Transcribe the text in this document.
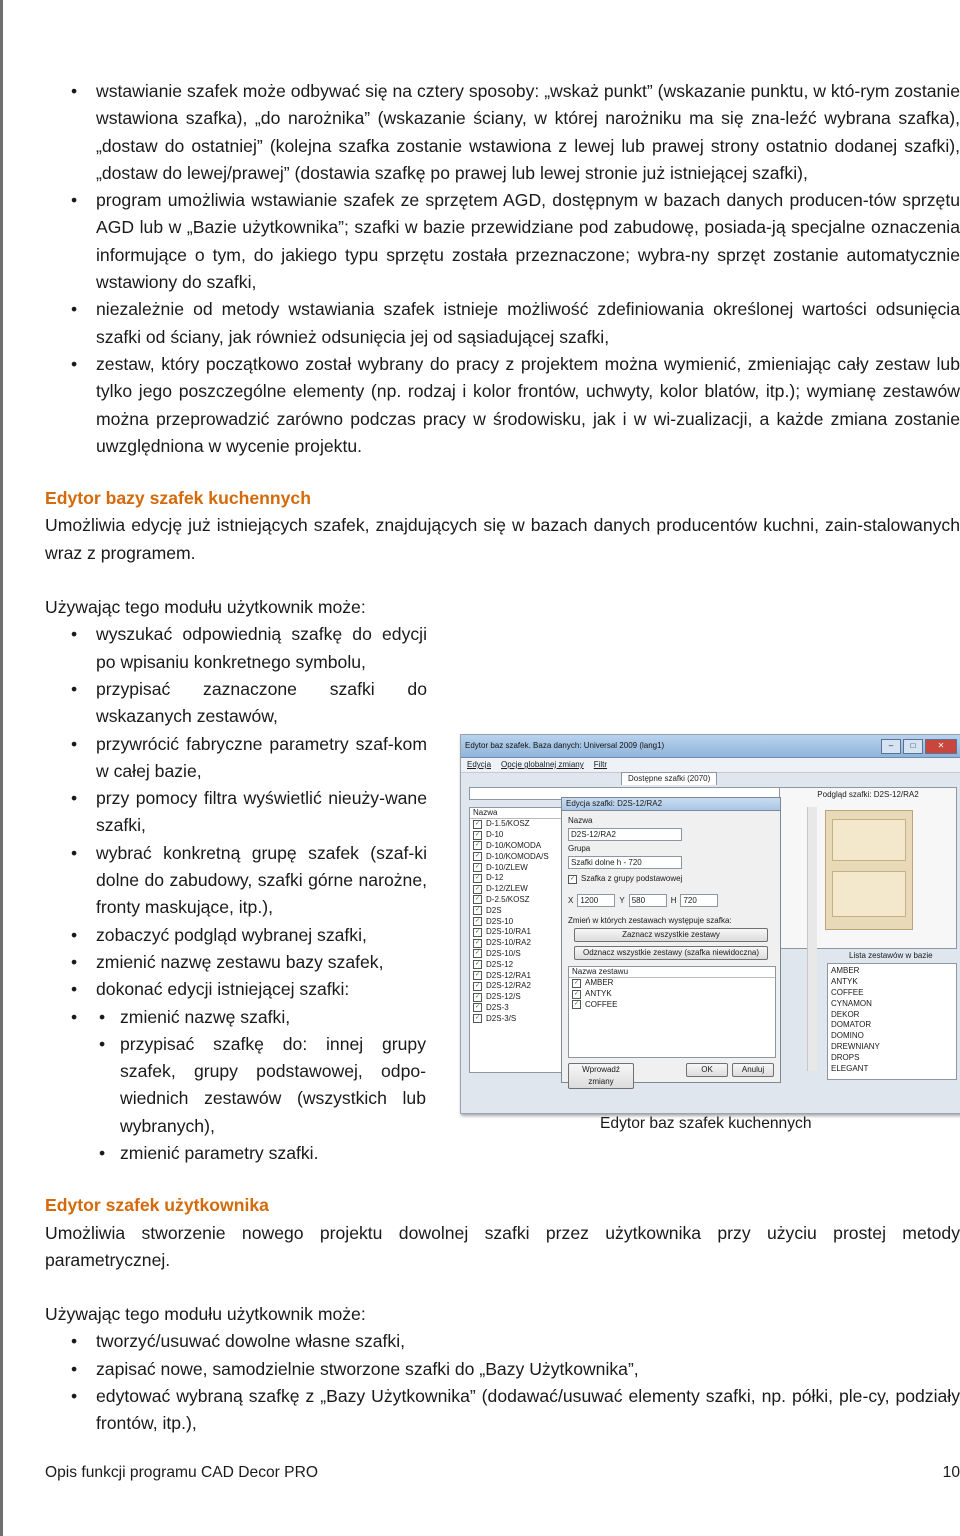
• wstawianie szafek może odbywać się na cztery sposoby: „wskaż punkt” (wskazanie punktu, w któ-rym zostanie wstawiona szafka), „do narożnika” (wskazanie ściany, w której narożniku ma się zna-leźć wybrana szafka), „dostaw do ostatniej” (kolejna szafka zostanie wstawiona z lewej lub prawej strony ostatnio dodanej szafki), „dostaw do lewej/prawej” (dostawia szafkę po prawej lub lewej stronie już istniejącej szafki),
• program umożliwia wstawianie szafek ze sprzętem AGD, dostępnym w bazach danych producen-tów sprzętu AGD lub w „Bazie użytkownika”; szafki w bazie przewidziane pod zabudowę, posiada-ją specjalne oznaczenia informujące o tym, do jakiego typu sprzętu została przeznaczone; wybra-ny sprzęt zostanie automatycznie wstawiony do szafki,
• niezależnie od metody wstawiania szafek istnieje możliwość zdefiniowania określonej wartości odsunięcia szafki od ściany, jak również odsunięcia jej od sąsiadującej szafki,
• zestaw, który początkowo został wybrany do pracy z projektem można wymienić, zmieniając cały zestaw lub tylko jego poszczególne elementy (np. rodzaj i kolor frontów, uchwyty, kolor blatów, itp.); wymianę zestawów można przeprowadzić zarówno podczas pracy w środowisku, jak i w wi-zualizacji, a każde zmiana zostanie uwzględniona w wycenie projektu.
Edytor bazy szafek kuchennych

Umożliwia edycję już istniejących szafek, znajdujących się w bazach danych producentów kuchni, zain-stalowanych wraz z programem.

Używając tego modułu użytkownik może:

• wyszukać odpowiednią szafkę do edycji po wpisaniu konkretnego symbolu,
• przypisać zaznaczone szafki do wskazanych zestawów,
• przywrócić fabryczne parametry szaf-kom w całej bazie,
• przy pomocy filtra wyświetlić nieuży-wane szafki,
• wybrać konkretną grupę szafek (szaf-ki dolne do zabudowy, szafki górne narożne, fronty maskujące, itp.),
• zobaczyć podgląd wybranej szafki,
• zmienić nazwę zestawu bazy szafek,
• dokonać edycji istniejącej szafki:
• • zmienić nazwę szafki,
• przypisać szafkę do: innej grupy szafek, grupy podstawowej, odpo-wiednich zestawów (wszystkich lub wybranych),
• zmienić parametry szafki.
Edytor szafek użytkownika

Umożliwia stworzenie nowego projektu dowolnej szafki przez użytkownika przy użyciu prostej metody parametrycznej.

Używając tego modułu użytkownik może:

• tworzyć/usuwać dowolne własne szafki,
• zapisać nowe, samodzielnie stworzone szafki do „Bazy Użytkownika”,
• edytować wybraną szafkę z „Bazy Użytkownika” (dodawać/usuwać elementy szafki, np. półki, ple-cy, podziały frontów, itp.),
Edytor baz szafek. Baza danych: Universal 2009 (lang1)	–	□	✕
Edycja Opcje globalnej zmiany Filtr
Dostępne szafki (2070)
Nazwa
✓ D-1.5/KOSZ
✓ D-10
✓ D-10/KOMODA
✓ D-10/KOMODA/S
✓ D-10/ZLEW
✓ D-12
✓ D-12/ZLEW
✓ D-2.5/KOSZ
✓ D2S
✓ D2S-10
✓ D2S-10/RA1
✓ D2S-10/RA2
✓ D2S-10/S
✓ D2S-12
✓ D2S-12/RA1
✓ D2S-12/RA2
✓ D2S-12/S
✓ D2S-3
✓ D2S-3/S
Podgląd szafki: D2S-12/RA2
Lista zestawów w bazie
AMBER
ANTYK
COFFEE
CYNAMON
DEKOR
DOMATOR
DOMINO
DREWNIANY
DROPS
ELEGANT
Edycja szafki: D2S-12/RA2
Nazwa
D2S-12/RA2
Grupa
Szafki dolne h - 720
✓ Szafka z grupy podstawowej
X 1200	Y 580	H 720
Zmień w których zestawach występuje szafka:
Zaznacz wszystkie zestawy
Odznacz wszystkie zestawy (szafka niewidoczna)
Nazwa zestawu
✓ AMBER
✓ ANTYK
✓ COFFEE
Wprowadź zmiany
OK	Anuluj
Edytor baz szafek kuchennych
Opis funkcji programu CAD Decor PRO	10
